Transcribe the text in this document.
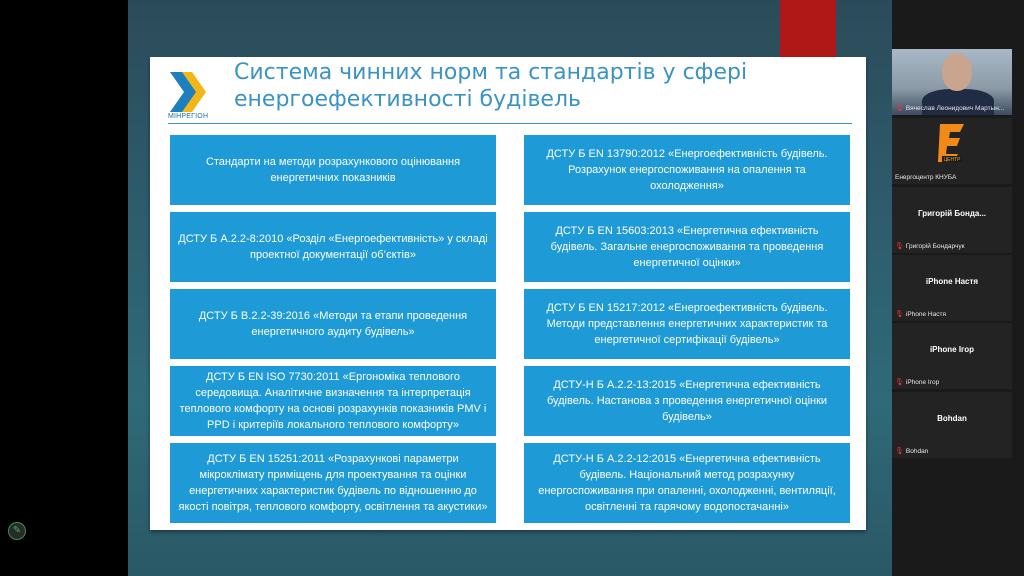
МІНРЕГІОН
Система чинних норм та стандартів у сфері енергоефективності будівель
Стандарти на методи розрахункового оцінювання енергетичних показників
ДСТУ Б EN 13790:2012 «Енергоефективність будівель. Розрахунок енергоспоживання на опалення та охолодження»
ДСТУ Б А.2.2-8:2010 «Розділ «Енергоефективність» у складі проектної документації об’єктів»
ДСТУ Б EN 15603:2013 «Енергетична ефективність будівель. Загальне енергоспоживання та проведення енергетичної оцінки»
ДСТУ Б В.2.2-39:2016 «Методи та етапи проведення енергетичного аудиту будівель»
ДСТУ Б EN 15217:2012 «Енергоефективність будівель. Методи представлення енергетичних характеристик та енергетичної сертифікації будівель»
ДСТУ Б EN ISO 7730:2011 «Ергономіка теплового середовища. Аналітичне визначення та інтерпретація теплового комфорту на основі розрахунків показників PMV і PPD і критеріїв локального теплового комфорту»
ДСТУ-Н Б А.2.2-13:2015 «Енергетична ефективність будівель. Настанова з проведення енергетичної оцінки будівель»
ДСТУ Б EN 15251:2011 «Розрахункові параметри мікроклімату приміщень для проектування та оцінки енергетичних характеристик будівель по відношенню до якості повітря, теплового комфорту, освітлення та акустики»
ДСТУ-Н Б А.2.2-12:2015 «Енергетична ефективність будівель. Національний метод розрахунку енергоспоживання при опаленні, охолодженні, вентиляції, освітленні та гарячому водопостачанні»
🎙 Вячеслав Леонидович Мартын...
ЦЕНТР
Енергоцентр КНУБА
Григорій Бонда...
🎙 Григорій Бондарчук
iPhone Настя
🎙 iPhone Настя
iPhone Ігор
🎙 iPhone Ігор
Bohdan
🎙 Bohdan
✎
